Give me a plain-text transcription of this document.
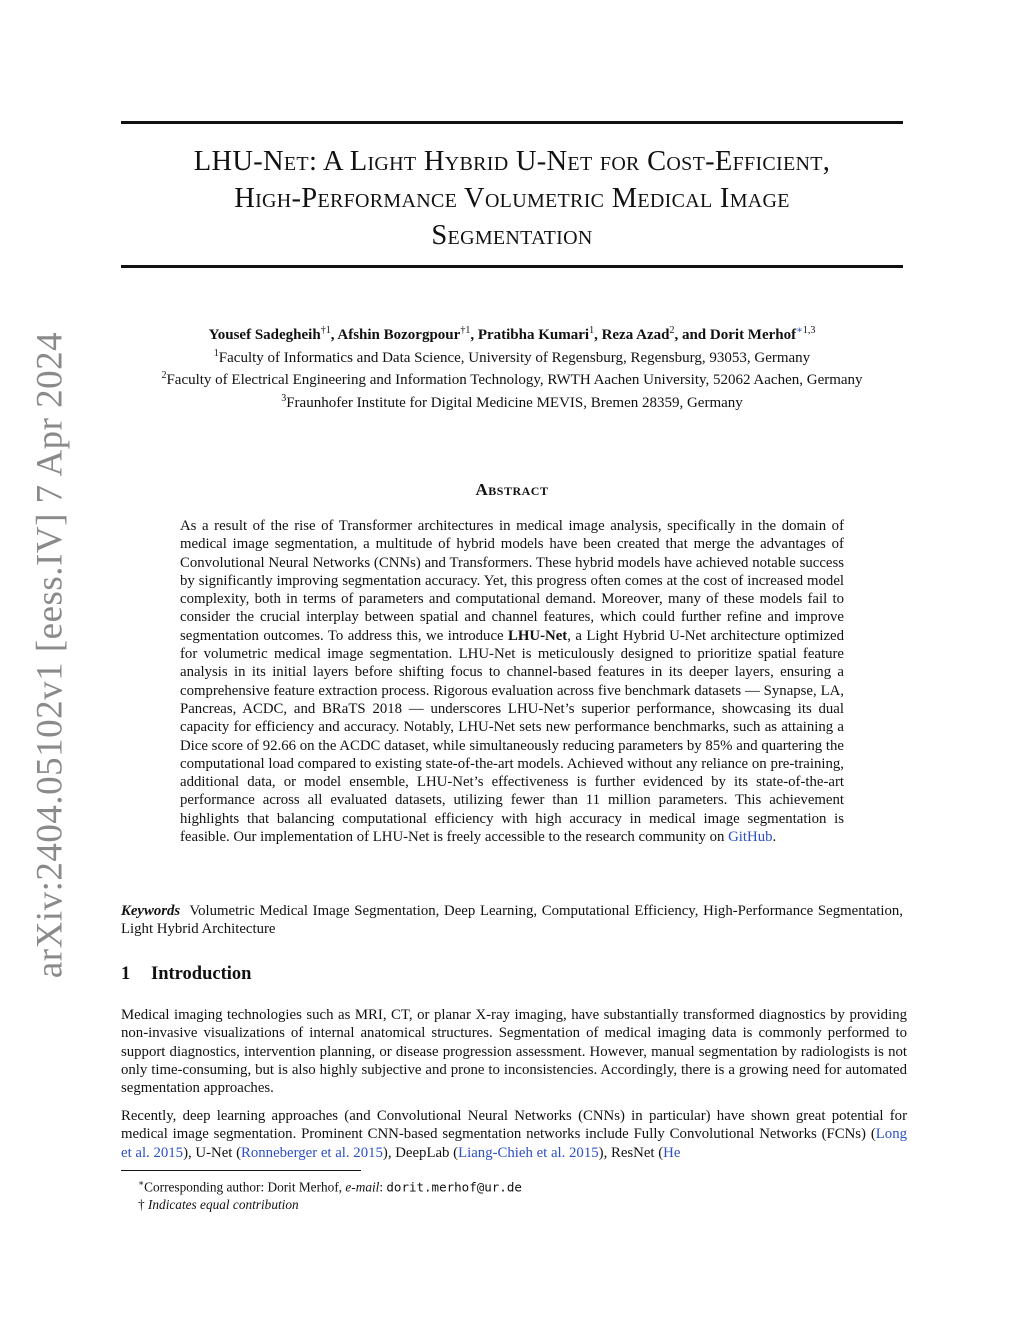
arXiv:2404.05102v1 [eess.IV] 7 Apr 2024
LHU-Net: A Light Hybrid U-Net for Cost-Efficient,
High-Performance Volumetric Medical Image
Segmentation
Yousef Sadegheih$^{\dagger 1}$, Afshin Bozorgpour$^{\dagger 1}$, Pratibha Kumari$^1$, Reza Azad$^2$, and Dorit Merhof$^{∗1,3}$
$^1$Faculty of Informatics and Data Science, University of Regensburg, Regensburg, 93053, Germany
$^2$Faculty of Electrical Engineering and Information Technology, RWTH Aachen University, 52062 Aachen, Germany
$^3$Fraunhofer Institute for Digital Medicine MEVIS, Bremen 28359, Germany
Abstract
As a result of the rise of Transformer architectures in medical image analysis, specifically in the domain of medical image segmentation, a multitude of hybrid models have been created that merge the advantages of Convolutional Neural Networks (CNNs) and Transformers. These hybrid models have achieved notable success by significantly improving segmentation accuracy. Yet, this progress often comes at the cost of increased model complexity, both in terms of parameters and computational demand. Moreover, many of these models fail to consider the crucial interplay between spatial and channel features, which could further refine and improve segmentation outcomes. To address this, we introduce LHU-Net, a Light Hybrid U-Net architecture optimized for volumetric medical image segmentation. LHU-Net is meticulously designed to prioritize spatial feature analysis in its initial layers before shifting focus to channel-based features in its deeper layers, ensuring a comprehensive feature extraction process. Rigorous evaluation across five benchmark datasets — Synapse, LA, Pancreas, ACDC, and BRaTS 2018 — underscores LHU-Net’s superior performance, showcasing its dual capacity for efficiency and accuracy. Notably, LHU-Net sets new performance benchmarks, such as attaining a Dice score of 92.66 on the ACDC dataset, while simultaneously reducing parameters by 85% and quartering the computational load compared to existing state-of-the-art models. Achieved without any reliance on pre-training, additional data, or model ensemble, LHU-Net’s effectiveness is further evidenced by its state-of-the-art performance across all evaluated datasets, utilizing fewer than 11 million parameters. This achievement highlights that balancing computational efficiency with high accuracy in medical image segmentation is feasible. Our implementation of LHU-Net is freely accessible to the research community on GitHub.
Keywords Volumetric Medical Image Segmentation, Deep Learning, Computational Efficiency, High-Performance Segmentation, Light Hybrid Architecture
1 Introduction
Medical imaging technologies such as MRI, CT, or planar X-ray imaging, have substantially transformed diagnostics by providing non-invasive visualizations of internal anatomical structures. Segmentation of medical imaging data is commonly performed to support diagnostics, intervention planning, or disease progression assessment. However, manual segmentation by radiologists is not only time-consuming, but is also highly subjective and prone to inconsistencies. Accordingly, there is a growing need for automated segmentation approaches.
Recently, deep learning approaches (and Convolutional Neural Networks (CNNs) in particular) have shown great potential for medical image segmentation. Prominent CNN-based segmentation networks include Fully Convolutional Networks (FCNs) (Long et al. 2015), U-Net (Ronneberger et al. 2015), DeepLab (Liang-Chieh et al. 2015), ResNet (He
∗Corresponding author: Dorit Merhof, e-mail: dorit.merhof@ur.de
† Indicates equal contribution
